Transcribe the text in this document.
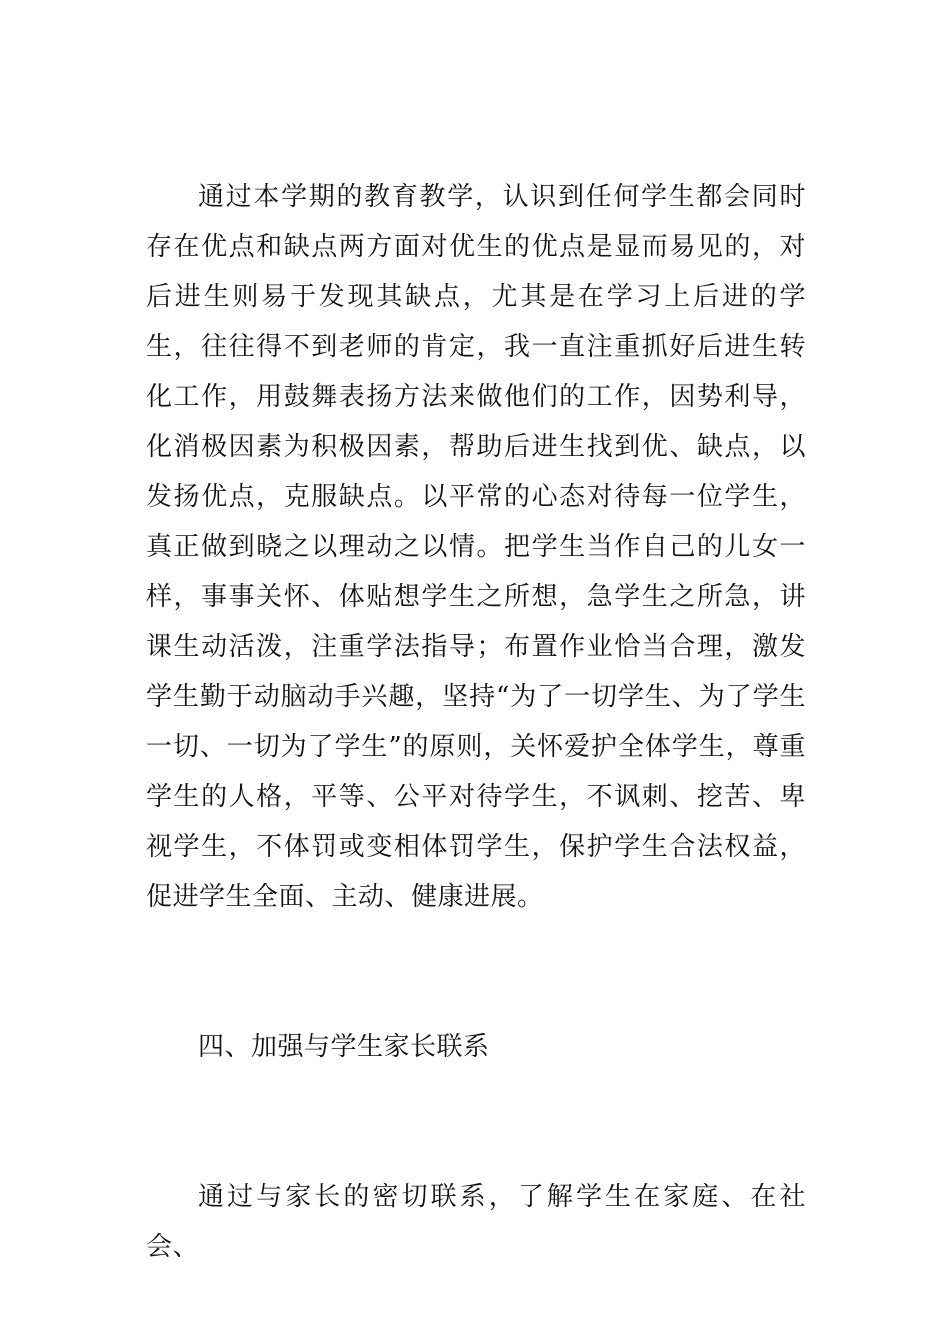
通过本学期的教育教学，认识到任何学生都会同时存在优点和缺点两方面对优生的优点是显而易见的，对后进生则易于发现其缺点，尤其是在学习上后进的学生，往往得不到老师的肯定，我一直注重抓好后进生转化工作，用鼓舞表扬方法来做他们的工作，因势利导，化消极因素为积极因素，帮助后进生找到优、缺点，以发扬优点，克服缺点。以平常的心态对待每一位学生，真正做到晓之以理动之以情。把学生当作自己的儿女一样，事事关怀、体贴想学生之所想，急学生之所急，讲课生动活泼，注重学法指导；布置作业恰当合理，激发学生勤于动脑动手兴趣，坚持“为了一切学生、为了学生一切、一切为了学生”的原则，关怀爱护全体学生，尊重学生的人格，平等、公平对待学生，不讽刺、挖苦、卑视学生，不体罚或变相体罚学生，保护学生合法权益，促进学生全面、主动、健康进展。

四、加强与学生家长联系

通过与家长的密切联系，了解学生在家庭、在社会、
